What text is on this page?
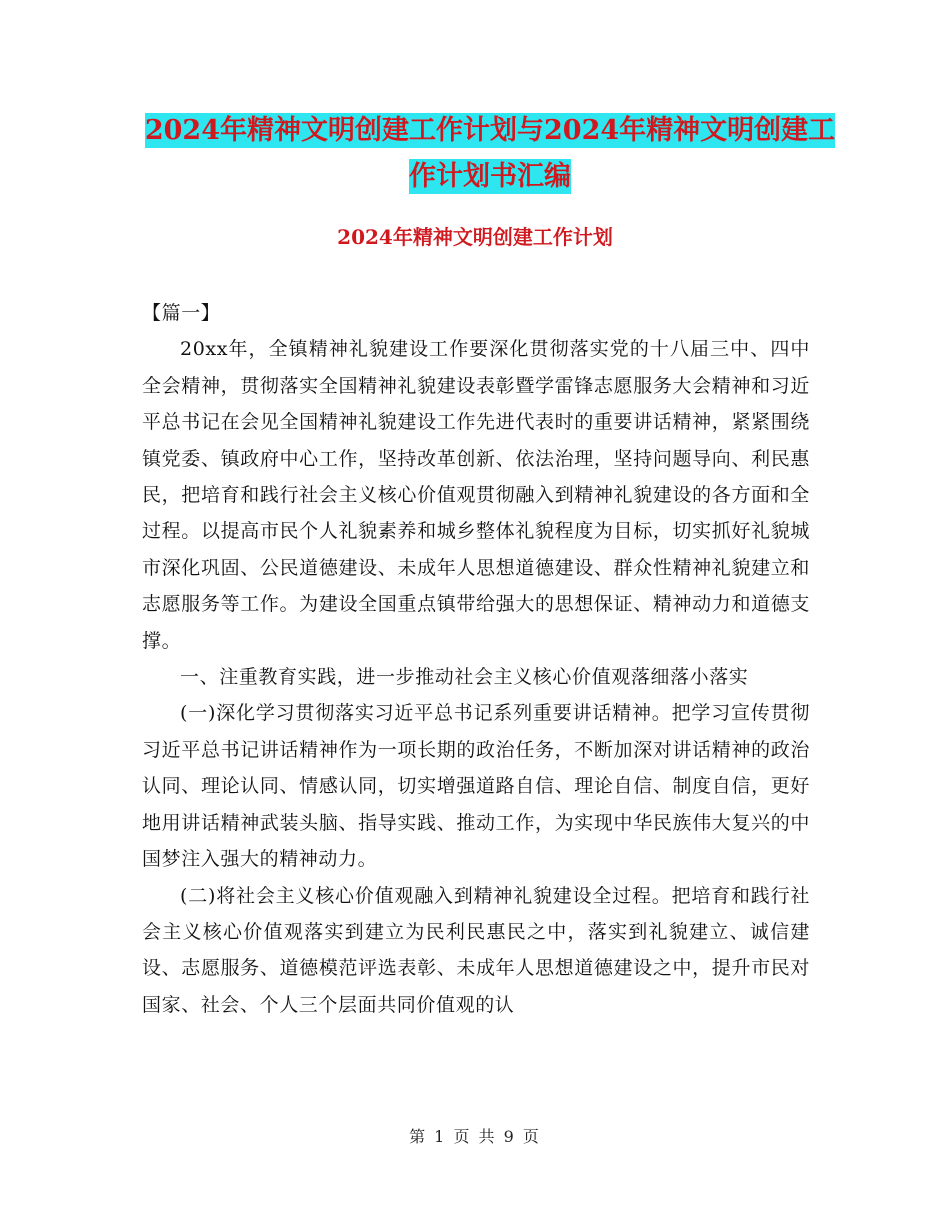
2024年精神文明创建工作计划与2024年精神文明创建工作计划书汇编
2024年精神文明创建工作计划

【篇一】

20xx年，全镇精神礼貌建设工作要深化贯彻落实党的十八届三中、四中全会精神，贯彻落实全国精神礼貌建设表彰暨学雷锋志愿服务大会精神和习近平总书记在会见全国精神礼貌建设工作先进代表时的重要讲话精神，紧紧围绕镇党委、镇政府中心工作，坚持改革创新、依法治理，坚持问题导向、利民惠民，把培育和践行社会主义核心价值观贯彻融入到精神礼貌建设的各方面和全过程。以提高市民个人礼貌素养和城乡整体礼貌程度为目标，切实抓好礼貌城市深化巩固、公民道德建设、未成年人思想道德建设、群众性精神礼貌建立和志愿服务等工作。为建设全国重点镇带给强大的思想保证、精神动力和道德支撑。

一、注重教育实践，进一步推动社会主义核心价值观落细落小落实

(一)深化学习贯彻落实习近平总书记系列重要讲话精神。把学习宣传贯彻习近平总书记讲话精神作为一项长期的政治任务，不断加深对讲话精神的政治认同、理论认同、情感认同，切实增强道路自信、理论自信、制度自信，更好地用讲话精神武装头脑、指导实践、推动工作，为实现中华民族伟大复兴的中国梦注入强大的精神动力。

(二)将社会主义核心价值观融入到精神礼貌建设全过程。把培育和践行社会主义核心价值观落实到建立为民利民惠民之中，落实到礼貌建立、诚信建设、志愿服务、道德模范评选表彰、未成年人思想道德建设之中，提升市民对国家、社会、个人三个层面共同价值观的认

第 1 页 共 9 页
